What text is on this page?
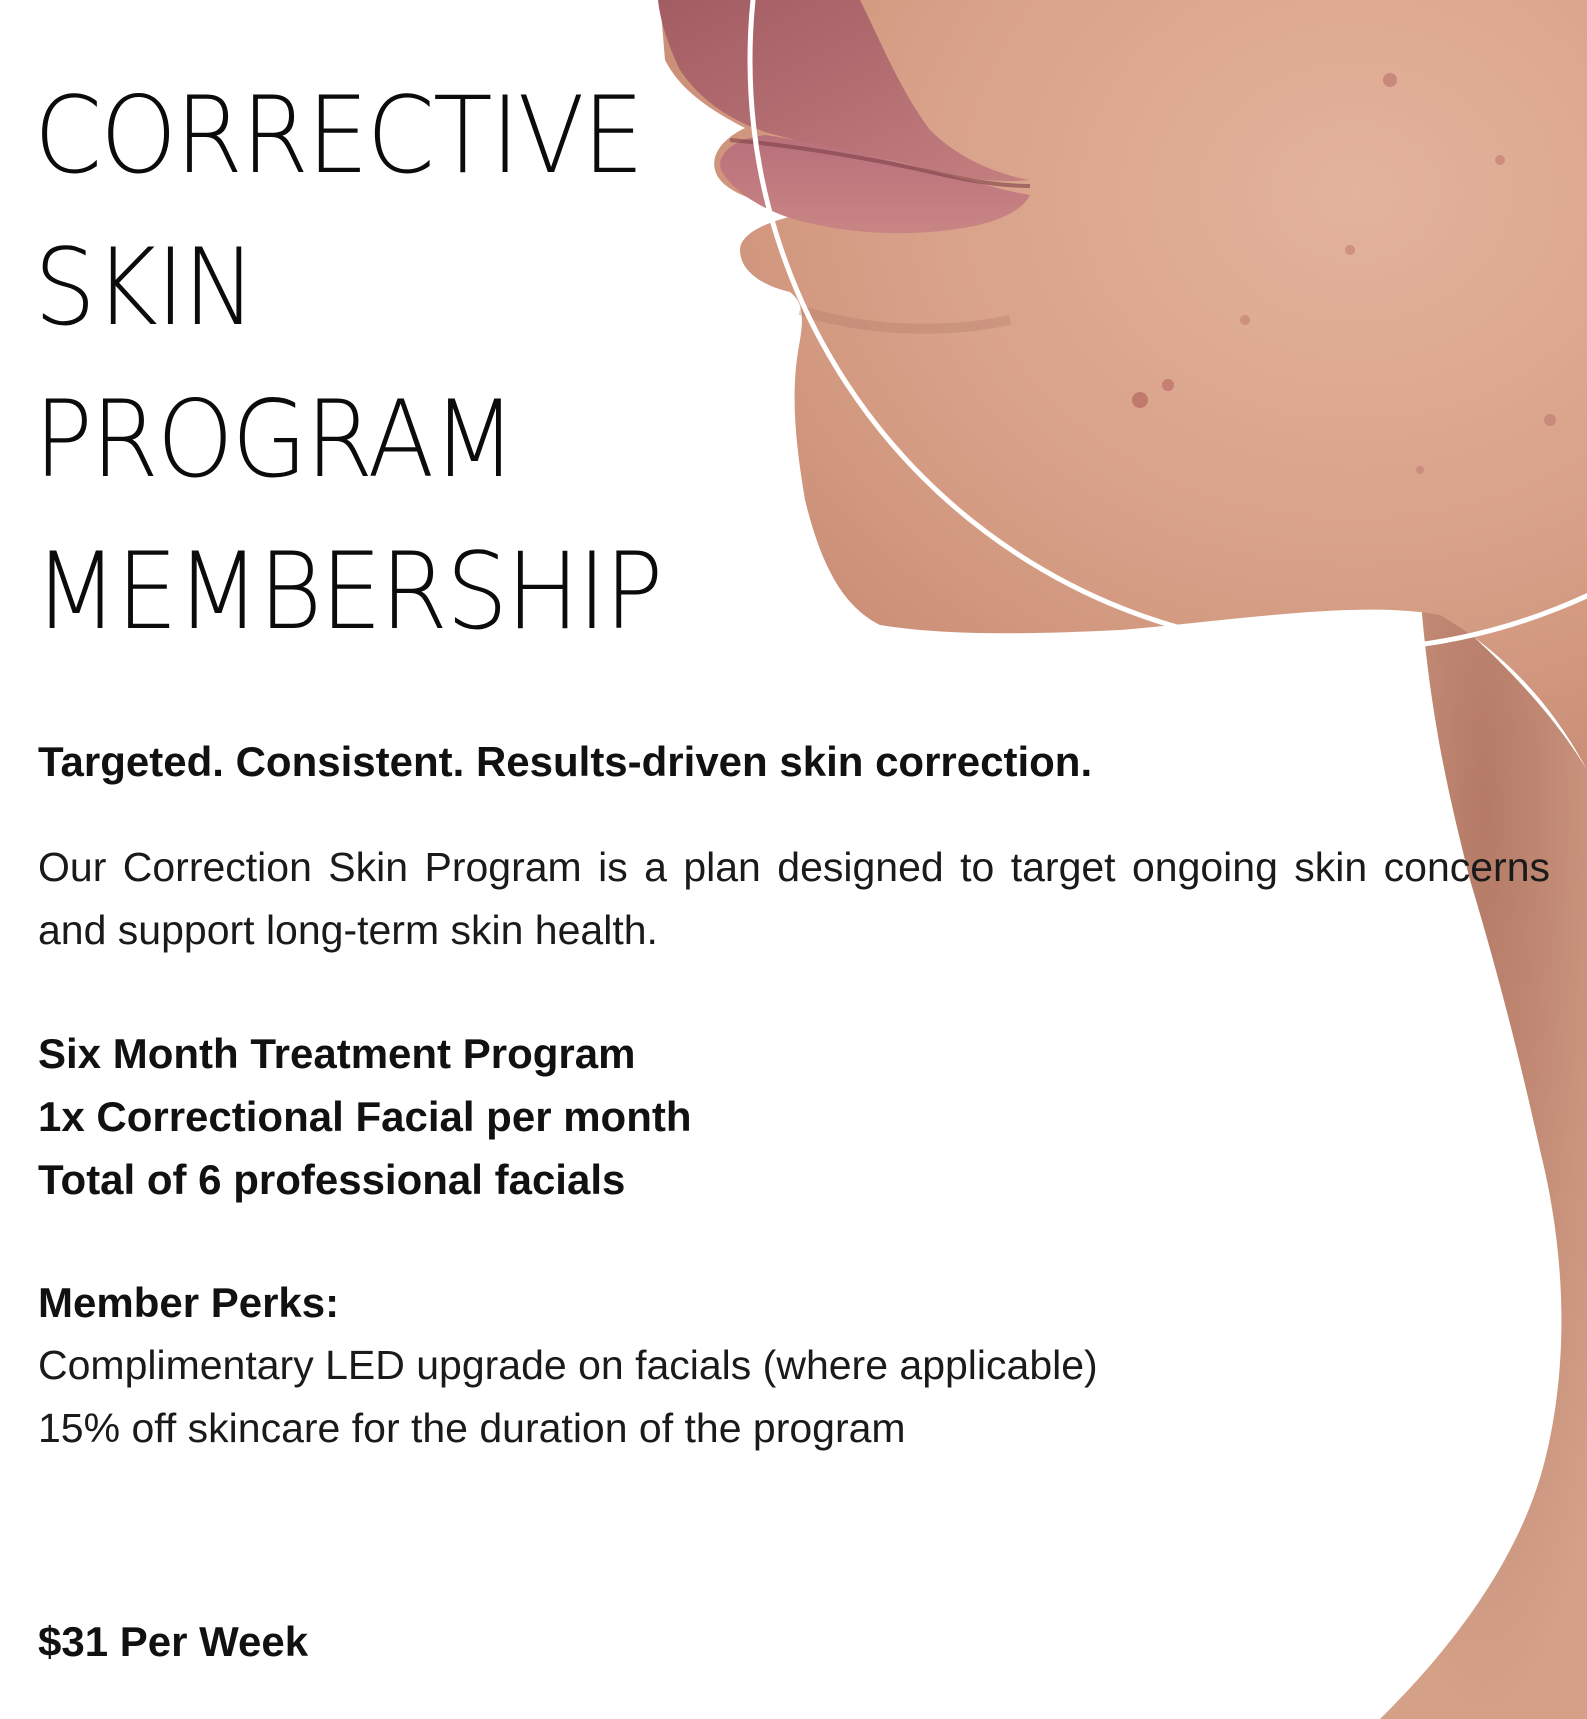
CORRECTIVE
SKIN
PROGRAM
MEMBERSHIP

Targeted. Consistent. Results-driven skin correction.

Our Correction Skin Program is a plan designed to target ongoing skin concerns and support long-term skin health.

Six Month Treatment Program
1x Correctional Facial per month
Total of 6 professional facials

Member Perks:

Complimentary LED upgrade on facials (where applicable)
15% off skincare for the duration of the program

$31 Per Week
